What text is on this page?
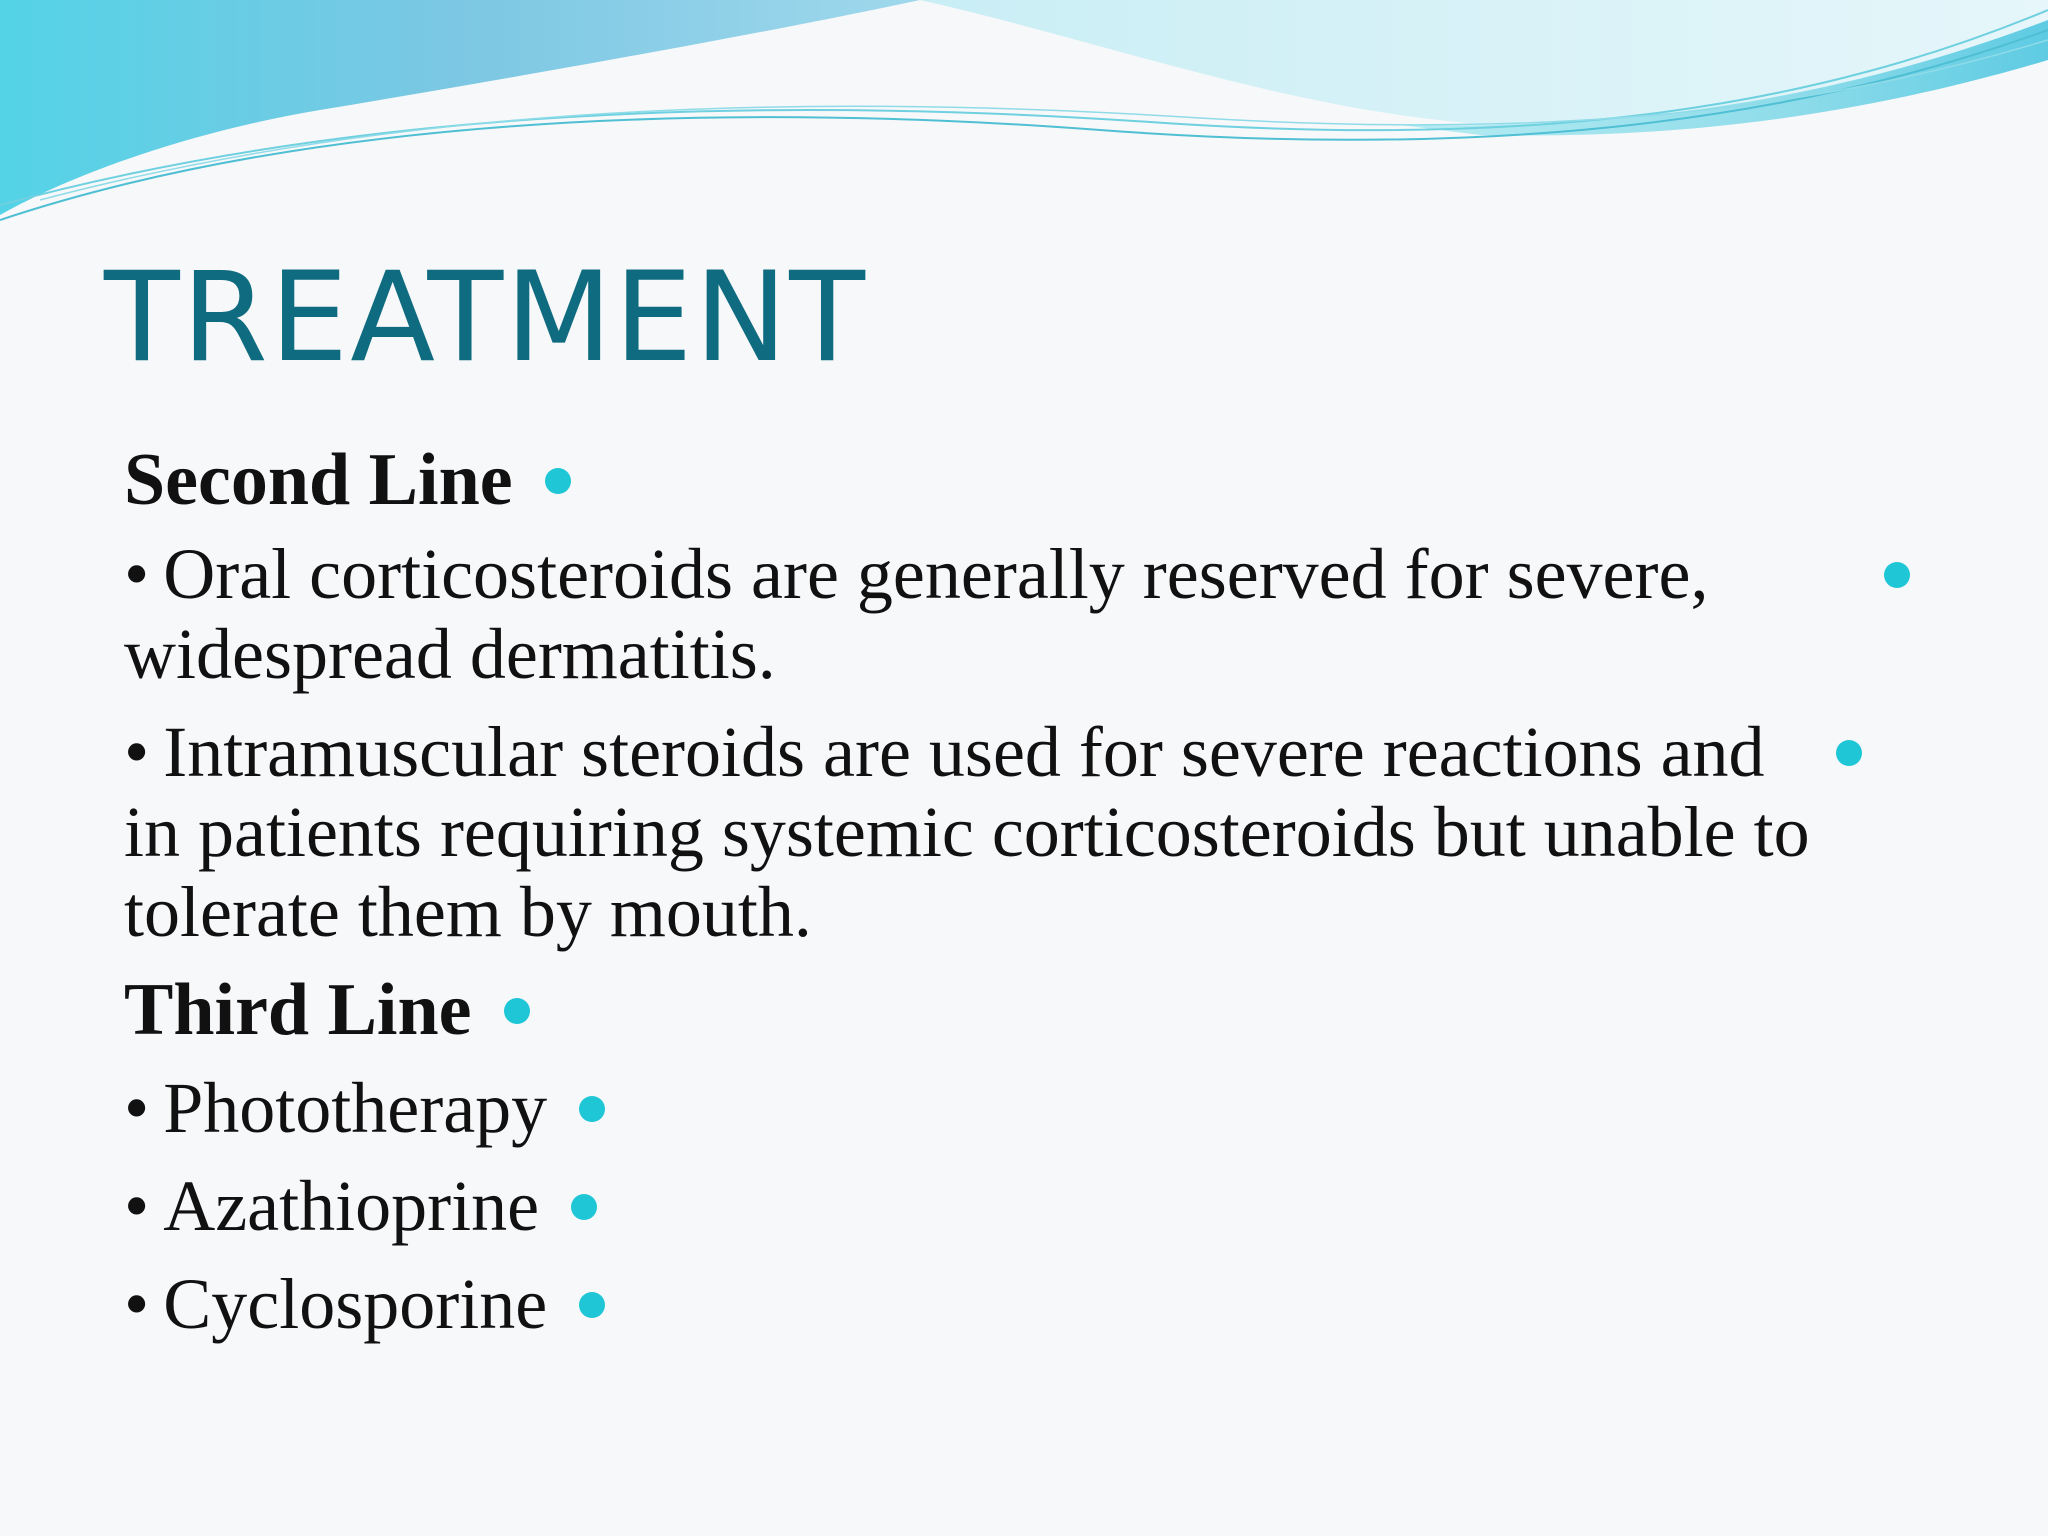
TREATMENT
Second Line
• Oral corticosteroids are generally reserved for severe, widespread dermatitis.
• Intramuscular steroids are used for severe reactions and in patients requiring systemic corticosteroids but unable to tolerate them by mouth.
Third Line
• Phototherapy
• Azathioprine
• Cyclosporine
